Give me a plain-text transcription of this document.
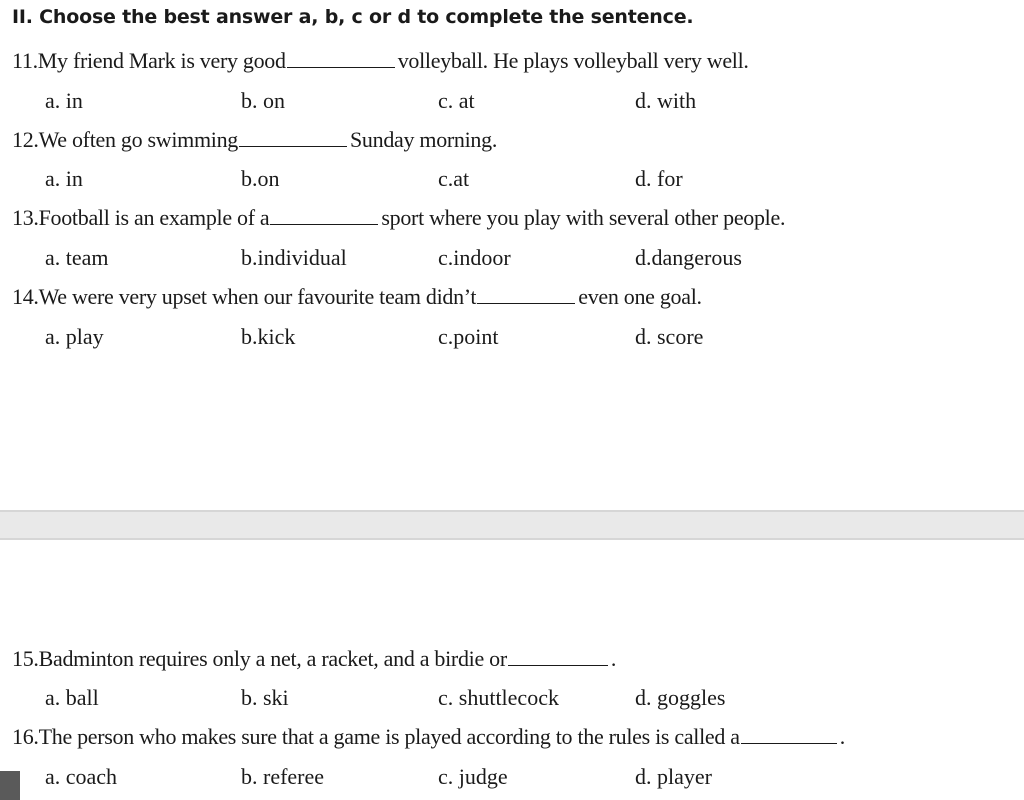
II. Choose the best answer a, b, c or d to complete the sentence.
11.My friend Mark is very good	volleyball. He plays volleyball very well.
a. in	b. on	c. at	d. with
12.We often go swimming	Sunday morning.
a. in	b.on	c.at	d. for
13.Football is an example of a	sport where you play with several other people.
a. team	b.individual	c.indoor	d.dangerous
14.We were very upset when our favourite team didn’t	even one goal.
a. play	b.kick	c.point	d. score
15.Badminton requires only a net, a racket, and a birdie or	.
a. ball	b. ski	c. shuttlecock	d. goggles
16.The person who makes sure that a game is played according to the rules is called a	.
a. coach	b. referee	c. judge	d. player
